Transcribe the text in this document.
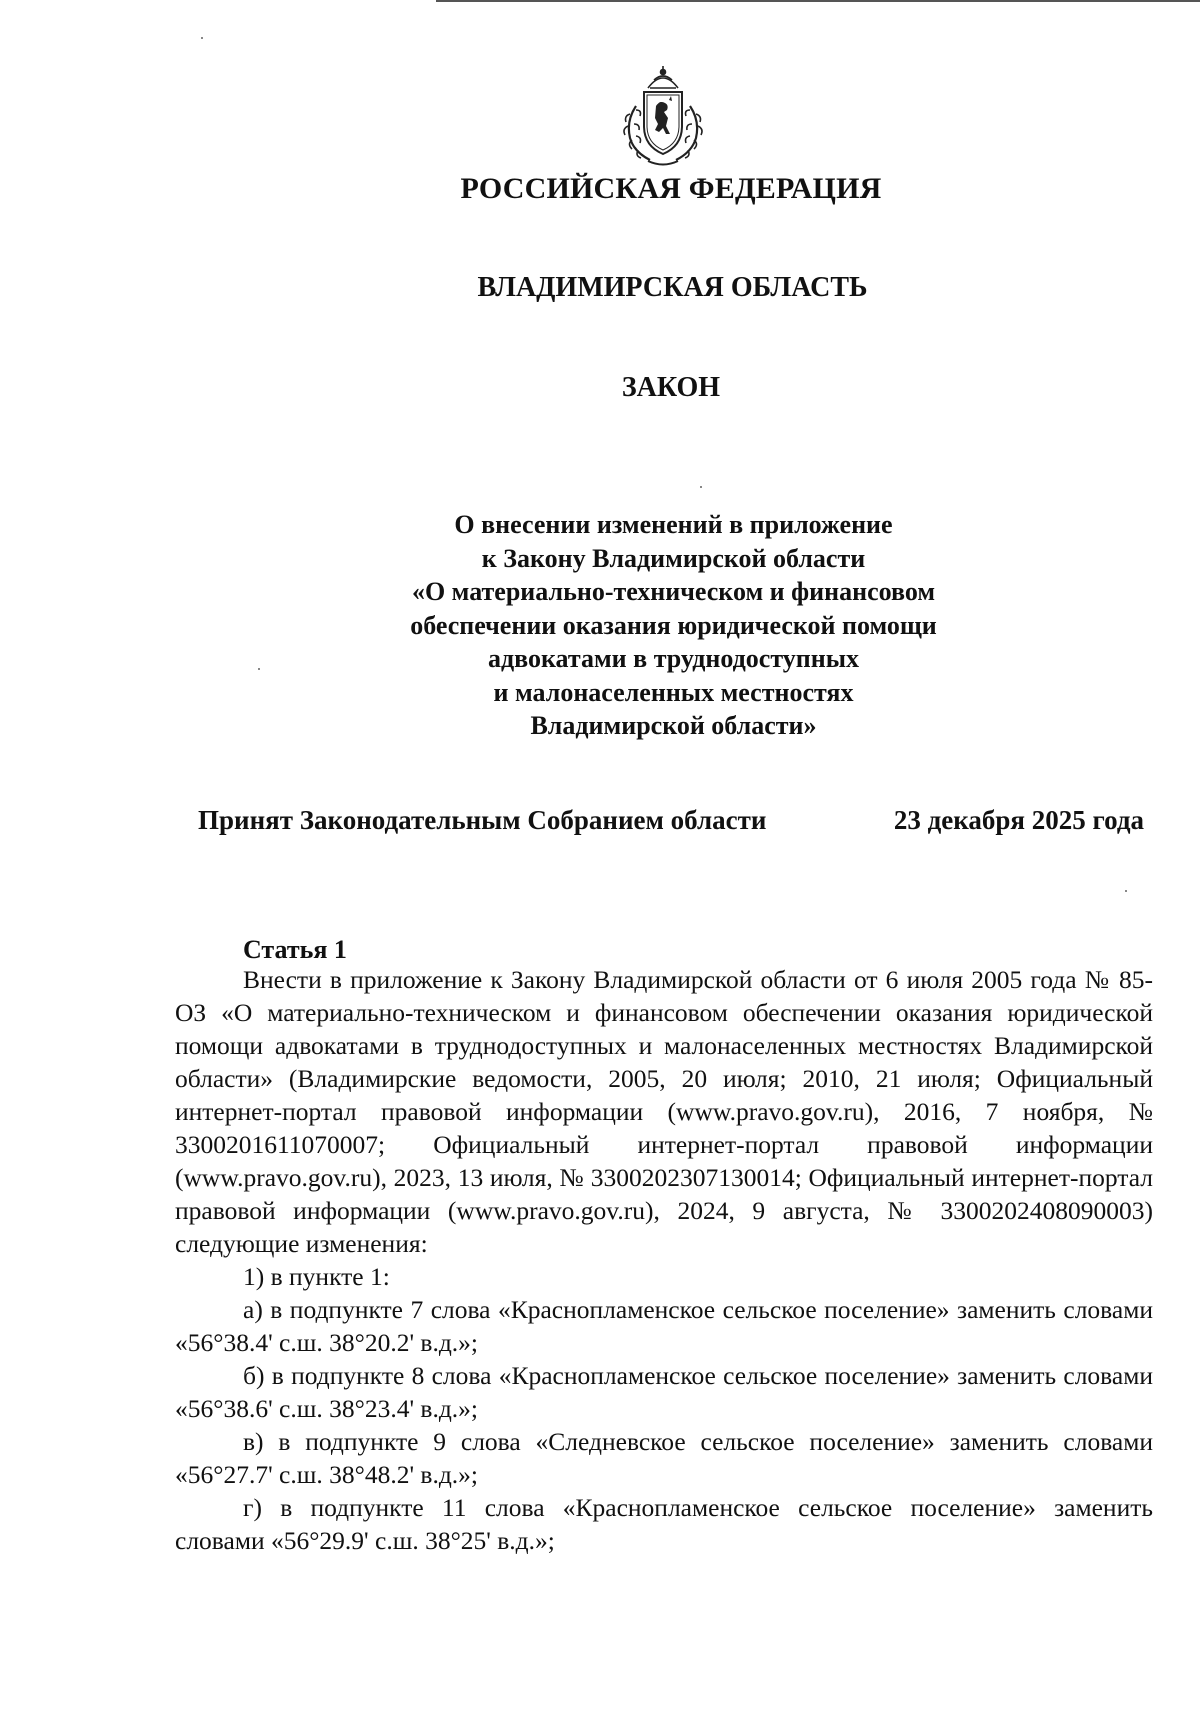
РОССИЙСКАЯ ФЕДЕРАЦИЯ
ВЛАДИМИРСКАЯ ОБЛАСТЬ
ЗАКОН
О внесении изменений в приложение
к Закону Владимирской области
«О материально-техническом и финансовом
обеспечении оказания юридической помощи
адвокатами в труднодоступных
и малонаселенных местностях
Владимирской области»
Принят Законодательным Собранием области	23 декабря 2025 года
Статья 1

Внести в приложение к Закону Владимирской области от 6 июля 2005 года № 85-ОЗ «О материально-техническом и финансовом обеспечении оказания юридической помощи адвокатами в труднодоступных и малонаселенных местностях Владимирской области» (Владимирские ведомости, 2005, 20 июля; 2010, 21 июля; Официальный интернет-портал правовой информации (www.pravo.gov.ru), 2016, 7 ноября, № 3300201611070007; Официальный интернет-портал правовой информации (www.pravo.gov.ru), 2023, 13 июля, № 3300202307130014; Официальный интернет-портал правовой информации (www.pravo.gov.ru), 2024, 9 августа, № 3300202408090003) следующие изменения:

1) в пункте 1:

а) в подпункте 7 слова «Краснопламенское сельское поселение» заменить словами «56°38.4' с.ш. 38°20.2' в.д.»;

б) в подпункте 8 слова «Краснопламенское сельское поселение» заменить словами «56°38.6' с.ш. 38°23.4' в.д.»;

в) в подпункте 9 слова «Следневское сельское поселение» заменить словами «56°27.7' с.ш. 38°48.2' в.д.»;

г) в подпункте 11 слова «Краснопламенское сельское поселение» заменить словами «56°29.9' с.ш. 38°25' в.д.»;
